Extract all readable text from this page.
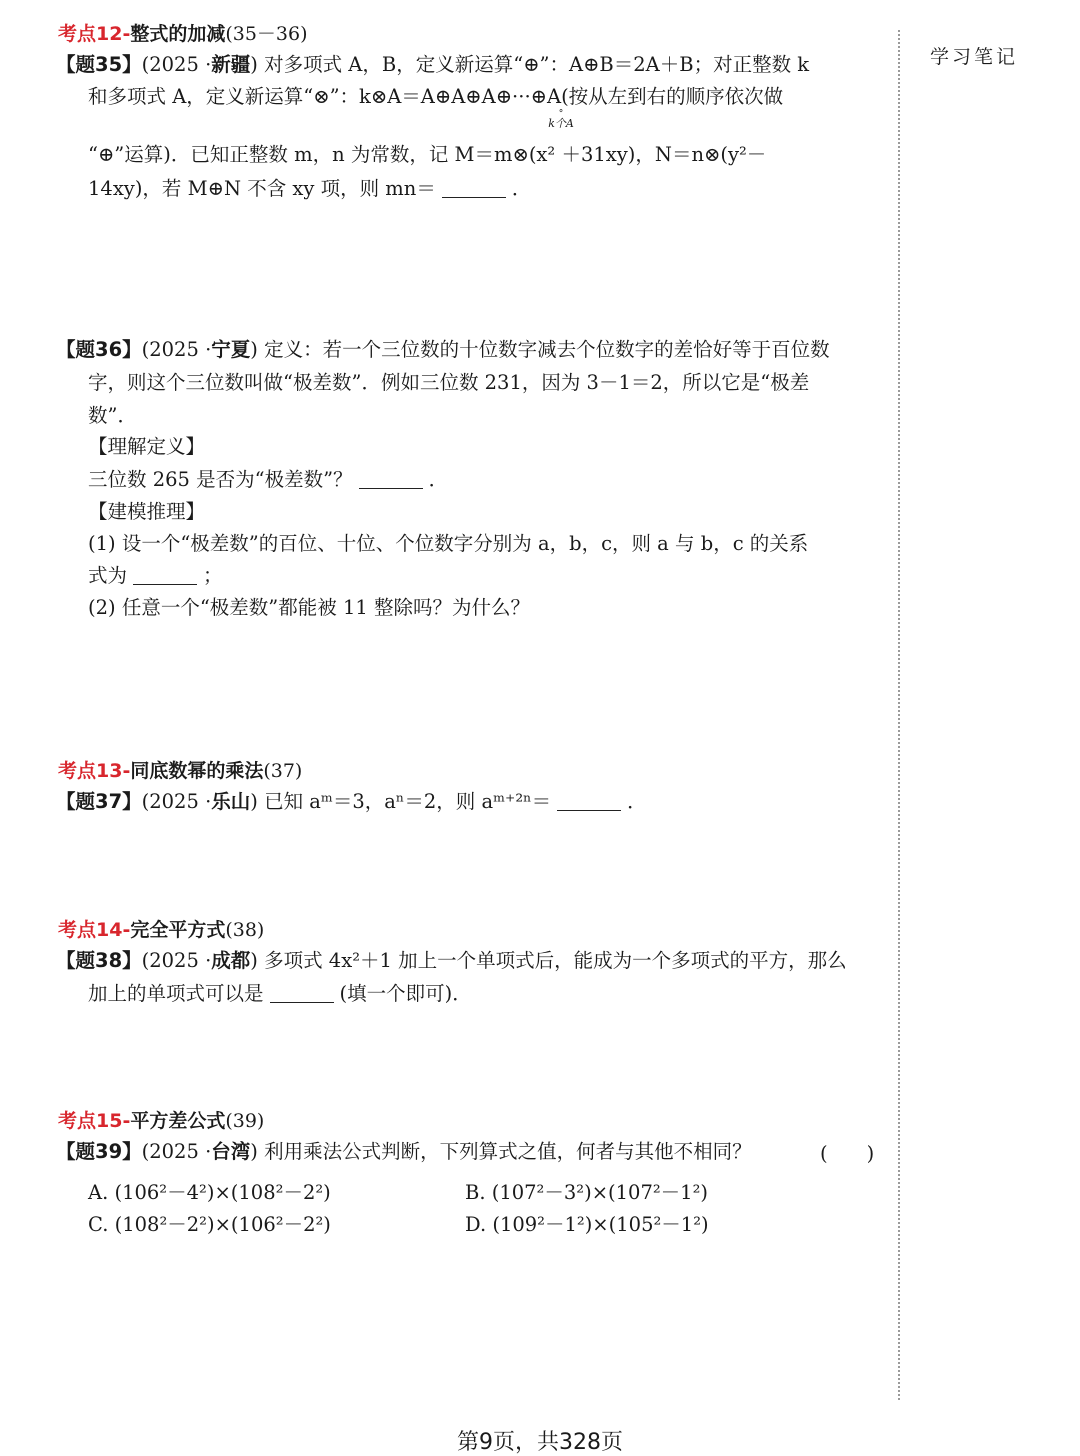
考点12-整式的加减(35－36)
【题35】(2025 ·新疆) 对多项式 A，B，定义新运算“⊕”：A⊕B＝2A＋B；对正整数 k
和多项式 A，定义新运算“⊗”：k⊗A＝A⊕A⊕A⊕···⊕A(按从左到右的顺序依次做
°
k个A
“⊕”运算)．已知正整数 m，n 为常数，记 M＝m⊗(x² ＋31xy)，N＝n⊗(y²－
14xy)，若 M⊕N 不含 xy 项，则 mn＝	．
【题36】(2025 ·宁夏) 定义：若一个三位数的十位数字减去个位数字的差恰好等于百位数
字，则这个三位数叫做“极差数”．例如三位数 231，因为 3－1＝2，所以它是“极差
数”．
【理解定义】
三位数 265 是否为“极差数”？	．
【建模推理】
(1) 设一个“极差数”的百位、十位、个位数字分别为 a，b，c，则 a 与 b，c 的关系
式为	；
(2) 任意一个“极差数”都能被 11 整除吗？为什么？
考点13-同底数幂的乘法(37)
【题37】(2025 ·乐山) 已知 aᵐ＝3，aⁿ＝2，则 aᵐ⁺²ⁿ＝	．
考点14-完全平方式(38)
【题38】(2025 ·成都) 多项式 4x²＋1 加上一个单项式后，能成为一个多项式的平方，那么
加上的单项式可以是	(填一个即可)．
考点15-平方差公式(39)
【题39】(2025 ·台湾) 利用乘法公式判断，下列算式之值，何者与其他不相同？	(　　)
A. (106²－4²)×(108²－2²)	B. (107²－3²)×(107²－1²)
C. (108²－2²)×(106²－2²)	D. (109²－1²)×(105²－1²)
学习笔记
第9页，共328页
